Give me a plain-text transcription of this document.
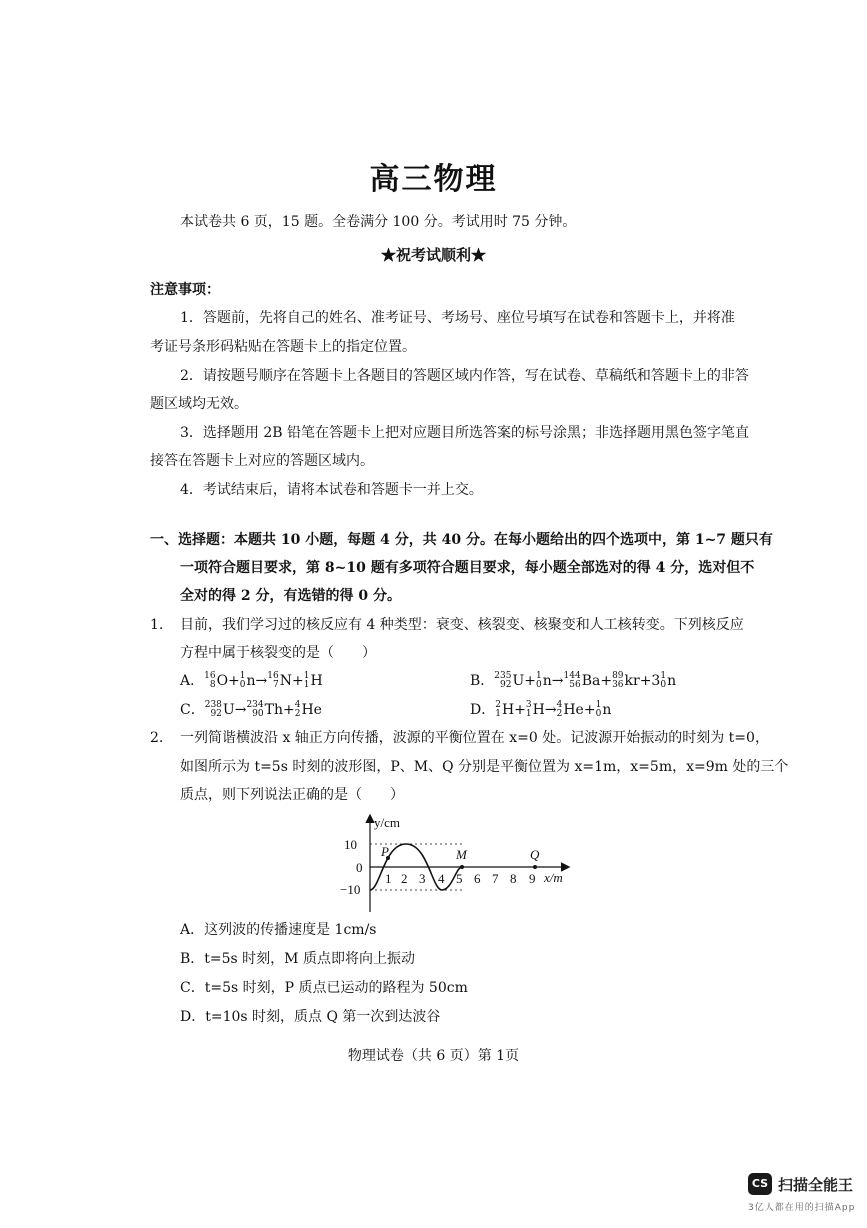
高三物理
本试卷共 6 页，15 题。全卷满分 100 分。考试用时 75 分钟。
★祝考试顺利★
注意事项：
1．答题前，先将自己的姓名、准考证号、考场号、座位号填写在试卷和答题卡上，并将准
考证号条形码粘贴在答题卡上的指定位置。
2．请按题号顺序在答题卡上各题目的答题区域内作答，写在试卷、草稿纸和答题卡上的非答
题区域均无效。
3．选择题用 2B 铅笔在答题卡上把对应题目所选答案的标号涂黑；非选择题用黑色签字笔直
接答在答题卡上对应的答题区域内。
4．考试结束后，请将本试卷和答题卡一并上交。
一、选择题：本题共 10 小题，每题 4 分，共 40 分。在每小题给出的四个选项中，第 1~7 题只有
一项符合题目要求，第 8~10 题有多项符合题目要求，每小题全部选对的得 4 分，选对但不
全对的得 2 分，有选错的得 0 分。
1. 目前，我们学习过的核反应有 4 种类型：衰变、核裂变、核聚变和人工核转变。下列核反应
方程中属于核裂变的是（　　）
A． 16
8 O+ 1
0 n→ 16
7 N+ 1
1 H	B． 235
92 U+ 1
0 n→ 144
56 Ba+ 89
36 kr+3 1
0 n
C． 238
92 U→ 234
90 Th+ 4
2 He	D． 2
1 H+ 3
1 H→ 4
2 He+ 1
0 n
2. 一列简谐横波沿 x 轴正方向传播，波源的平衡位置在 x=0 处。记波源开始振动的时刻为 t=0，
如图所示为 t=5s 时刻的波形图，P、M、Q 分别是平衡位置为 x=1m，x=5m，x=9m 处的三个
质点，则下列说法正确的是（　　）
y/cm
x/m
10
0
−10
P	M	Q
1 2 3 4 5 6 7 8 9
A．这列波的传播速度是 1cm/s
B．t=5s 时刻，M 质点即将向上振动
C．t=5s 时刻，P 质点已运动的路程为 50cm
D．t=10s 时刻，质点 Q 第一次到达波谷
物理试卷（共 6 页）第 1页
CS 扫描全能王
3亿人都在用的扫描App
